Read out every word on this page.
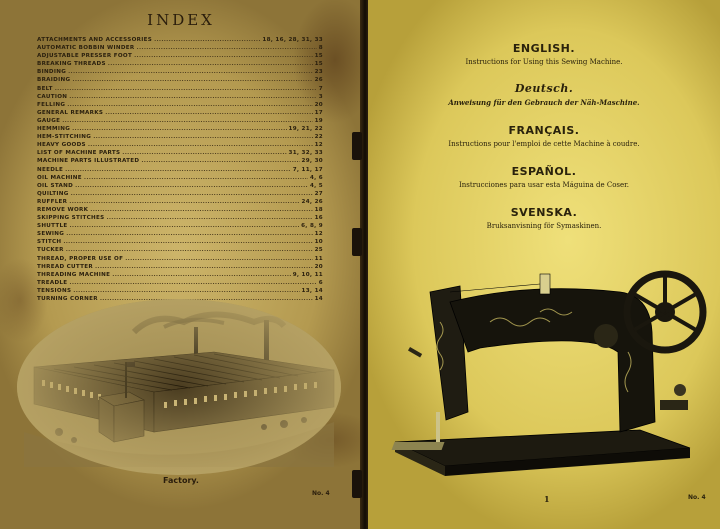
INDEX
ATTACHMENTS AND ACCESSORIES .....	18, 16, 28, 31, 33
AUTOMATIC BOBBIN WINDER .....	8
ADJUSTABLE PRESSER FOOT .....	15
BREAKING THREADS .....	15
BINDING .....	23
BRAIDING .....	26
BELT .....	7
CAUTION .....	3
FELLING .....	20
GENERAL REMARKS .....	17
GAUGE .....	19
HEMMING .....	19, 21, 22
HEM-STITCHING .....	22
HEAVY GOODS .....	12
LIST OF MACHINE PARTS .....	31, 32, 33
MACHINE PARTS ILLUSTRATED .....	29, 30
NEEDLE .....	7, 11, 17
OIL MACHINE .....	4, 6
OIL STAND .....	4, 5
QUILTING .....	27
RUFFLER .....	24, 26
REMOVE WORK .....	18
SKIPPING STITCHES .....	16
SHUTTLE .....	6, 8, 9
SEWING .....	12
STITCH .....	10
TUCKER .....	25
THREAD, PROPER USE OF .....	11
THREAD CUTTER .....	20
THREADING MACHINE .....	9, 10, 11
TREADLE .....	6
TENSIONS .....	13, 14
TURNING CORNER .....	14
Factory.
No. 4
ENGLISH.
Instructions for Using this Sewing Machine.
Deutsch.
Anweisung für den Gebrauch der Näh-Maschine.
FRANÇAIS.
Instructions pour l'emploi de cette Machine à coudre.
ESPAÑOL.
Instrucciones para usar esta Máguina de Coser.
SVENSKA.
Bruksanvisning för Symaskinen.
1	No. 4
